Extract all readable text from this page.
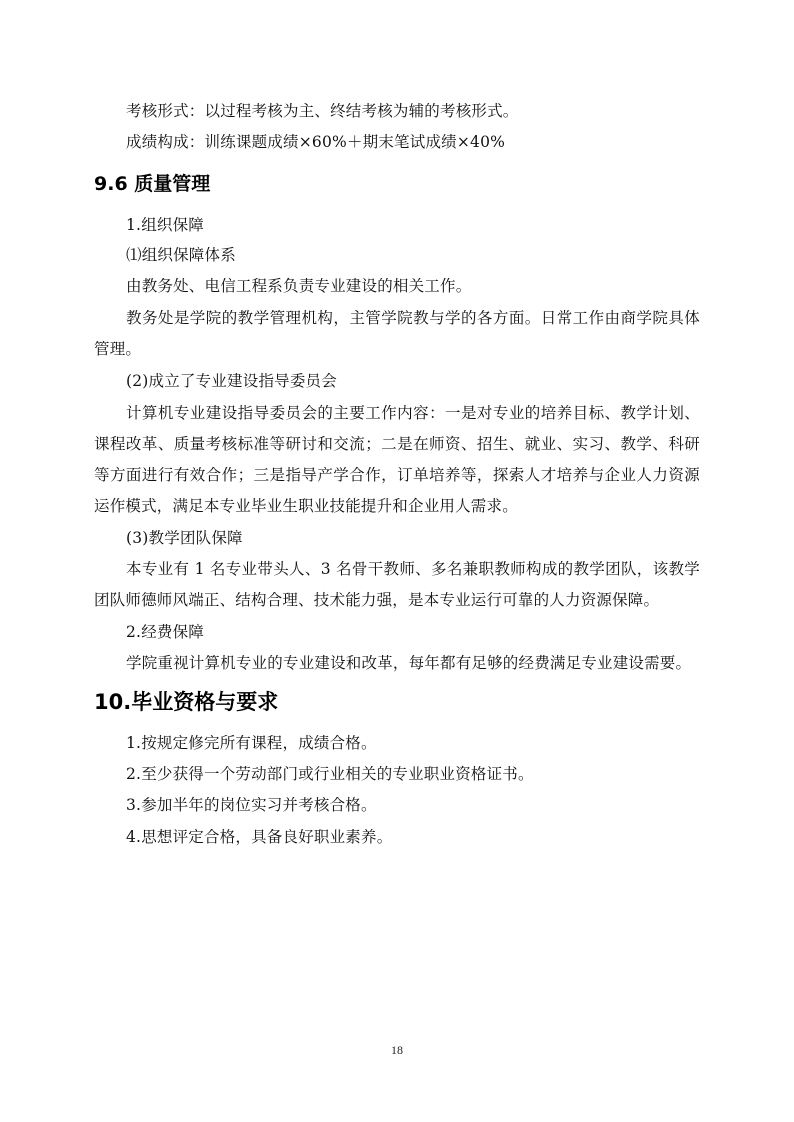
考核形式：以过程考核为主、终结考核为辅的考核形式。
成绩构成：训练课题成绩×60%＋期末笔试成绩×40%
9.6 质量管理
1.组织保障
⑴组织保障体系
由教务处、电信工程系负责专业建设的相关工作。
教务处是学院的教学管理机构，主管学院教与学的各方面。日常工作由商学院具体
管理。
(2)成立了专业建设指导委员会
计算机专业建设指导委员会的主要工作内容：一是对专业的培养目标、教学计划、
课程改革、质量考核标准等研讨和交流；二是在师资、招生、就业、实习、教学、科研
等方面进行有效合作；三是指导产学合作，订单培养等，探索人才培养与企业人力资源
运作模式，满足本专业毕业生职业技能提升和企业用人需求。
(3)教学团队保障
本专业有 1 名专业带头人、3 名骨干教师、多名兼职教师构成的教学团队，该教学
团队师德师风端正、结构合理、技术能力强，是本专业运行可靠的人力资源保障。
2.经费保障
学院重视计算机专业的专业建设和改革，每年都有足够的经费满足专业建设需要。
10.毕业资格与要求
1.按规定修完所有课程，成绩合格。
2.至少获得一个劳动部门或行业相关的专业职业资格证书。
3.参加半年的岗位实习并考核合格。
4.思想评定合格，具备良好职业素养。
18
